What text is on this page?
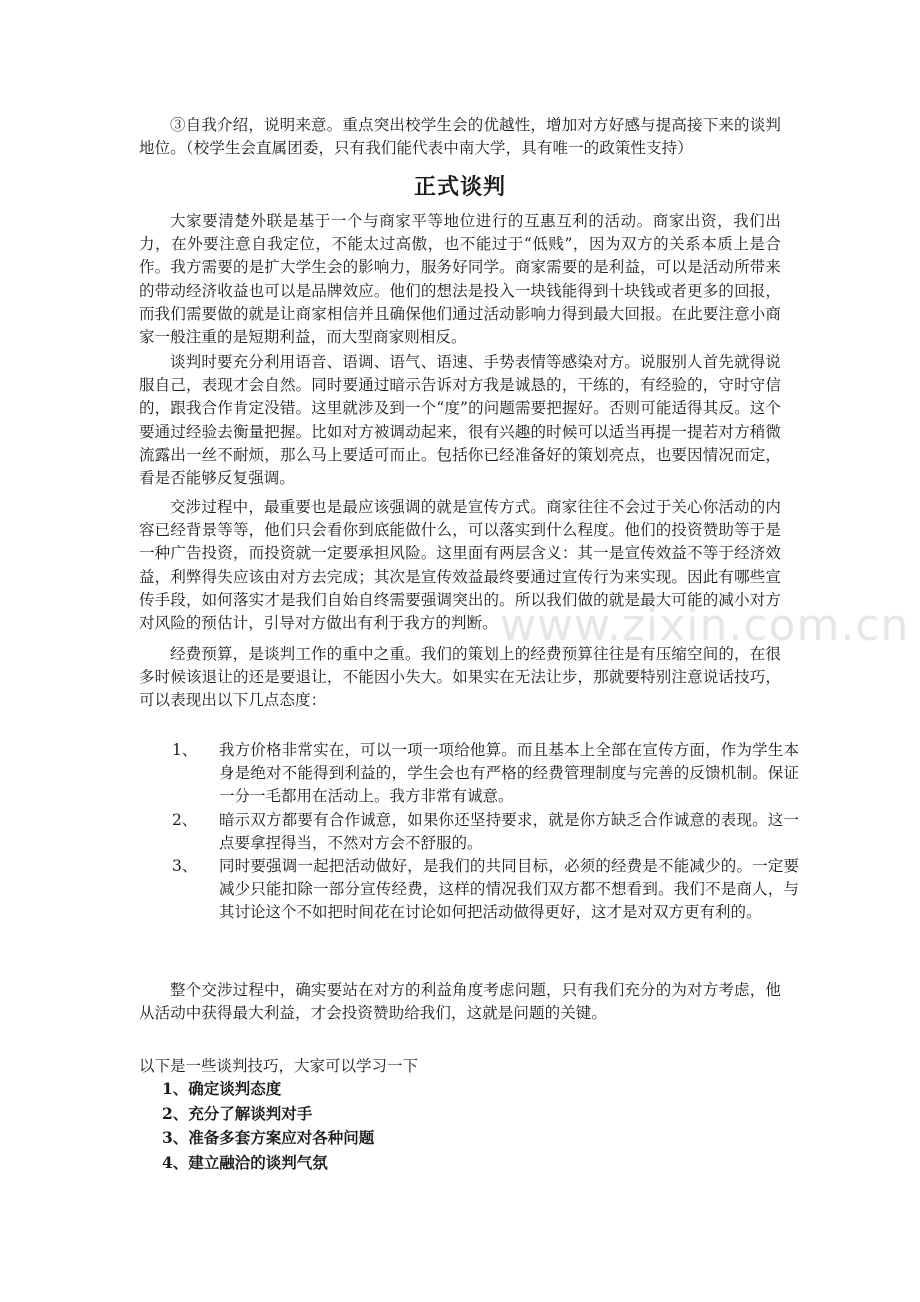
www.zixin.com.cn

③自我介绍，说明来意。重点突出校学生会的优越性，增加对方好感与提高接下来的谈判地位。（校学生会直属团委，只有我们能代表中南大学，具有唯一的政策性支持）

正式谈判

大家要清楚外联是基于一个与商家平等地位进行的互惠互利的活动。商家出资，我们出力，在外要注意自我定位，不能太过高傲，也不能过于“低贱”，因为双方的关系本质上是合作。我方需要的是扩大学生会的影响力，服务好同学。商家需要的是利益，可以是活动所带来的带动经济收益也可以是品牌效应。他们的想法是投入一块钱能得到十块钱或者更多的回报，而我们需要做的就是让商家相信并且确保他们通过活动影响力得到最大回报。在此要注意小商家一般注重的是短期利益，而大型商家则相反。

谈判时要充分利用语音、语调、语气、语速、手势表情等感染对方。说服别人首先就得说服自己，表现才会自然。同时要通过暗示告诉对方我是诚恳的，干练的，有经验的，守时守信的，跟我合作肯定没错。这里就涉及到一个“度”的问题需要把握好。否则可能适得其反。这个要通过经验去衡量把握。比如对方被调动起来，很有兴趣的时候可以适当再提一提若对方稍微流露出一丝不耐烦，那么马上要适可而止。包括你已经准备好的策划亮点，也要因情况而定，看是否能够反复强调。

交涉过程中，最重要也是最应该强调的就是宣传方式。商家往往不会过于关心你活动的内容已经背景等等，他们只会看你到底能做什么，可以落实到什么程度。他们的投资赞助等于是一种广告投资，而投资就一定要承担风险。这里面有两层含义：其一是宣传效益不等于经济效益，利弊得失应该由对方去完成；其次是宣传效益最终要通过宣传行为来实现。因此有哪些宣传手段，如何落实才是我们自始自终需要强调突出的。所以我们做的就是最大可能的减小对方对风险的预估计，引导对方做出有利于我方的判断。

经费预算，是谈判工作的重中之重。我们的策划上的经费预算往往是有压缩空间的，在很多时候该退让的还是要退让，不能因小失大。如果实在无法让步，那就要特别注意说话技巧，可以表现出以下几点态度：

1、 我方价格非常实在，可以一项一项给他算。而且基本上全部在宣传方面，作为学生本身是绝对不能得到利益的，学生会也有严格的经费管理制度与完善的反馈机制。保证一分一毛都用在活动上。我方非常有诚意。
2、 暗示双方都要有合作诚意，如果你还坚持要求，就是你方缺乏合作诚意的表现。这一点要拿捏得当，不然对方会不舒服的。
3、 同时要强调一起把活动做好，是我们的共同目标，必须的经费是不能减少的。一定要减少只能扣除一部分宣传经费，这样的情况我们双方都不想看到。我们不是商人，与其讨论这个不如把时间花在讨论如何把活动做得更好，这才是对双方更有利的。

整个交涉过程中，确实要站在对方的利益角度考虑问题，只有我们充分的为对方考虑，他从活动中获得最大利益，才会投资赞助给我们，这就是问题的关键。

以下是一些谈判技巧，大家可以学习一下

1、确定谈判态度
2、充分了解谈判对手
3、准备多套方案应对各种问题
4、建立融洽的谈判气氛
